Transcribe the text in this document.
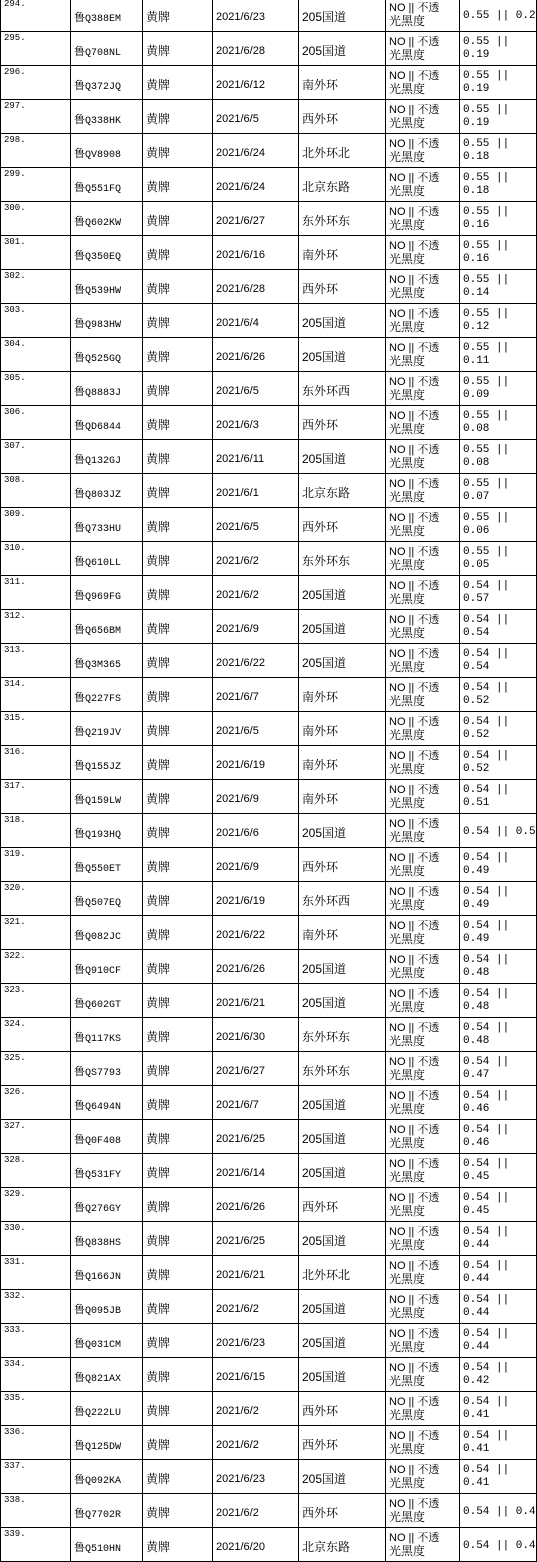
294.	鲁Q388EM	黄牌	2021/6/23	205国道	NO || 不透
光黑度	0.55 || 0.2
295.	鲁Q708NL	黄牌	2021/6/28	205国道	NO || 不透
光黑度	0.55 || 0.19
296.	鲁Q372JQ	黄牌	2021/6/12	南外环	NO || 不透
光黑度	0.55 || 0.19
297.	鲁Q338HK	黄牌	2021/6/5	西外环	NO || 不透
光黑度	0.55 || 0.19
298.	鲁QV8908	黄牌	2021/6/24	北外环北	NO || 不透
光黑度	0.55 || 0.18
299.	鲁Q551FQ	黄牌	2021/6/24	北京东路	NO || 不透
光黑度	0.55 || 0.18
300.	鲁Q602KW	黄牌	2021/6/27	东外环东	NO || 不透
光黑度	0.55 || 0.16
301.	鲁Q350EQ	黄牌	2021/6/16	南外环	NO || 不透
光黑度	0.55 || 0.16
302.	鲁Q539HW	黄牌	2021/6/28	西外环	NO || 不透
光黑度	0.55 || 0.14
303.	鲁Q983HW	黄牌	2021/6/4	205国道	NO || 不透
光黑度	0.55 || 0.12
304.	鲁Q525GQ	黄牌	2021/6/26	205国道	NO || 不透
光黑度	0.55 || 0.11
305.	鲁Q8883J	黄牌	2021/6/5	东外环西	NO || 不透
光黑度	0.55 || 0.09
306.	鲁QD6844	黄牌	2021/6/3	西外环	NO || 不透
光黑度	0.55 || 0.08
307.	鲁Q132GJ	黄牌	2021/6/11	205国道	NO || 不透
光黑度	0.55 || 0.08
308.	鲁Q803JZ	黄牌	2021/6/1	北京东路	NO || 不透
光黑度	0.55 || 0.07
309.	鲁Q733HU	黄牌	2021/6/5	西外环	NO || 不透
光黑度	0.55 || 0.06
310.	鲁Q610LL	黄牌	2021/6/2	东外环东	NO || 不透
光黑度	0.55 || 0.05
311.	鲁Q969FG	黄牌	2021/6/2	205国道	NO || 不透
光黑度	0.54 || 0.57
312.	鲁Q656BM	黄牌	2021/6/9	205国道	NO || 不透
光黑度	0.54 || 0.54
313.	鲁Q3M365	黄牌	2021/6/22	205国道	NO || 不透
光黑度	0.54 || 0.54
314.	鲁Q227FS	黄牌	2021/6/7	南外环	NO || 不透
光黑度	0.54 || 0.52
315.	鲁Q219JV	黄牌	2021/6/5	南外环	NO || 不透
光黑度	0.54 || 0.52
316.	鲁Q155JZ	黄牌	2021/6/19	南外环	NO || 不透
光黑度	0.54 || 0.52
317.	鲁Q159LW	黄牌	2021/6/9	南外环	NO || 不透
光黑度	0.54 || 0.51
318.	鲁Q193HQ	黄牌	2021/6/6	205国道	NO || 不透
光黑度	0.54 || 0.5
319.	鲁Q550ET	黄牌	2021/6/9	西外环	NO || 不透
光黑度	0.54 || 0.49
320.	鲁Q507EQ	黄牌	2021/6/19	东外环西	NO || 不透
光黑度	0.54 || 0.49
321.	鲁Q082JC	黄牌	2021/6/22	南外环	NO || 不透
光黑度	0.54 || 0.49
322.	鲁Q910CF	黄牌	2021/6/26	205国道	NO || 不透
光黑度	0.54 || 0.48
323.	鲁Q602GT	黄牌	2021/6/21	205国道	NO || 不透
光黑度	0.54 || 0.48
324.	鲁Q117KS	黄牌	2021/6/30	东外环东	NO || 不透
光黑度	0.54 || 0.48
325.	鲁QS7793	黄牌	2021/6/27	东外环东	NO || 不透
光黑度	0.54 || 0.47
326.	鲁Q6494N	黄牌	2021/6/7	205国道	NO || 不透
光黑度	0.54 || 0.46
327.	鲁Q0F408	黄牌	2021/6/25	205国道	NO || 不透
光黑度	0.54 || 0.46
328.	鲁Q531FY	黄牌	2021/6/14	205国道	NO || 不透
光黑度	0.54 || 0.45
329.	鲁Q276GY	黄牌	2021/6/26	西外环	NO || 不透
光黑度	0.54 || 0.45
330.	鲁Q838HS	黄牌	2021/6/25	205国道	NO || 不透
光黑度	0.54 || 0.44
331.	鲁Q166JN	黄牌	2021/6/21	北外环北	NO || 不透
光黑度	0.54 || 0.44
332.	鲁Q095JB	黄牌	2021/6/2	205国道	NO || 不透
光黑度	0.54 || 0.44
333.	鲁Q031CM	黄牌	2021/6/23	205国道	NO || 不透
光黑度	0.54 || 0.44
334.	鲁Q821AX	黄牌	2021/6/15	205国道	NO || 不透
光黑度	0.54 || 0.42
335.	鲁Q222LU	黄牌	2021/6/2	西外环	NO || 不透
光黑度	0.54 || 0.41
336.	鲁Q125DW	黄牌	2021/6/2	西外环	NO || 不透
光黑度	0.54 || 0.41
337.	鲁Q092KA	黄牌	2021/6/23	205国道	NO || 不透
光黑度	0.54 || 0.41
338.	鲁Q7702R	黄牌	2021/6/2	西外环	NO || 不透
光黑度	0.54 || 0.4
339.	鲁Q510HN	黄牌	2021/6/20	北京东路	NO || 不透
光黑度	0.54 || 0.4
